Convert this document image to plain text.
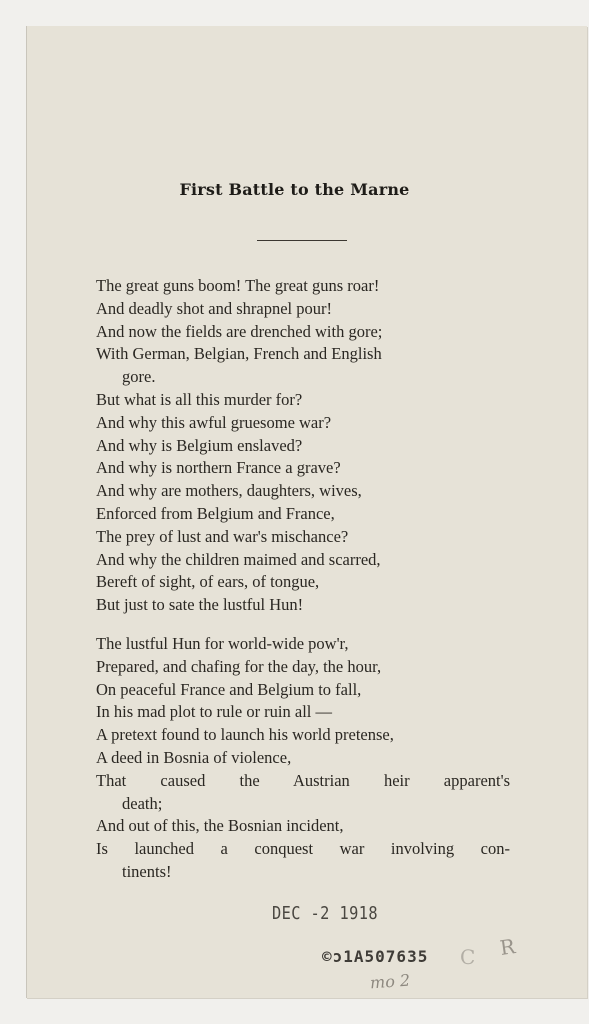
First Battle to the Marne
The great guns boom! The great guns roar!
And deadly shot and shrapnel pour!
And now the fields are drenched with gore;
With German, Belgian, French and English
gore.
But what is all this murder for?
And why this awful gruesome war?
And why is Belgium enslaved?
And why is northern France a grave?
And why are mothers, daughters, wives,
Enforced from Belgium and France,
The prey of lust and war's mischance?
And why the children maimed and scarred,
Bereft of sight, of ears, of tongue,
But just to sate the lustful Hun!
The lustful Hun for world-wide pow'r,
Prepared, and chafing for the day, the hour,
On peaceful France and Belgium to fall,
In his mad plot to rule or ruin all —
A pretext found to launch his world pretense,
A deed in Bosnia of violence,
That caused the Austrian heir apparent's
death;
And out of this, the Bosnian incident,
Is launched a conquest war involving con-
tinents!
DEC -2 1918
©ɔ1A507635 C R
mo 2
